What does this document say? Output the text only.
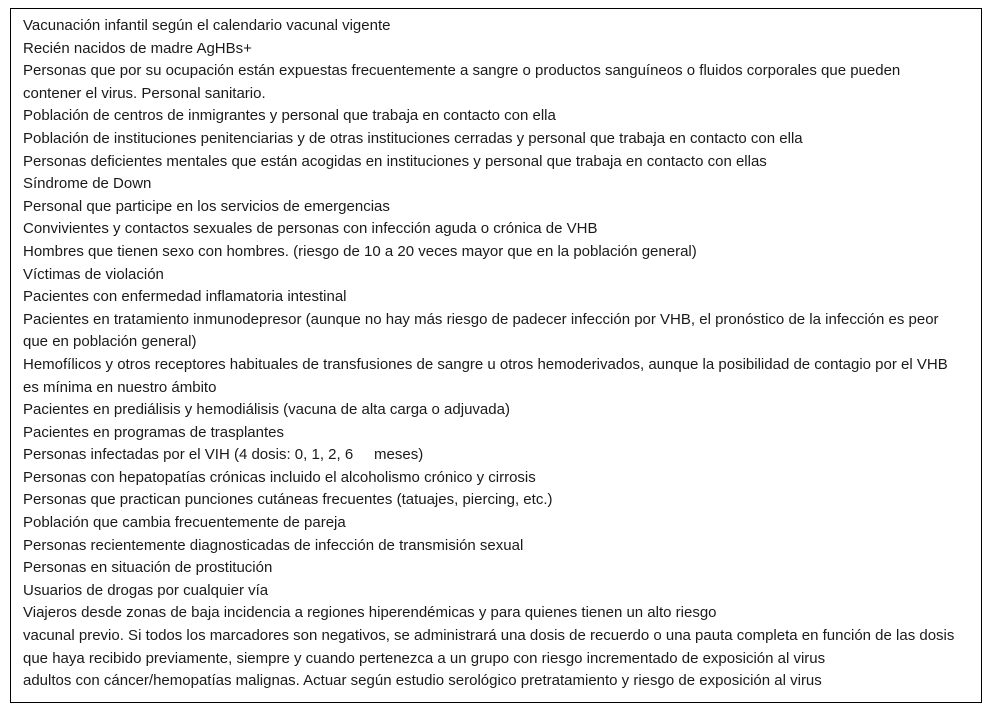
Vacunación infantil según el calendario vacunal vigente
Recién nacidos de madre AgHBs+
Personas que por su ocupación están expuestas frecuentemente a sangre o productos sanguíneos o fluidos corporales que pueden contener el virus. Personal sanitario.
Población de centros de inmigrantes y personal que trabaja en contacto con ella
Población de instituciones penitenciarias y de otras instituciones cerradas y personal que trabaja en contacto con ella
Personas deficientes mentales que están acogidas en instituciones y personal que trabaja en contacto con ellas
Síndrome de Down
Personal que participe en los servicios de emergencias
Convivientes y contactos sexuales de personas con infección aguda o crónica de VHB
Hombres que tienen sexo con hombres. (riesgo de 10 a 20 veces mayor que en la población general)
Víctimas de violación
Pacientes con enfermedad inflamatoria intestinal
Pacientes en tratamiento inmunodepresor (aunque no hay más riesgo de padecer infección por VHB, el pronóstico de la infección es peor que en población general)
Hemofílicos y otros receptores habituales de transfusiones de sangre u otros hemoderivados, aunque la posibilidad de contagio por el VHB es mínima en nuestro ámbito
Pacientes en prediálisis y hemodiálisis (vacuna de alta carga o adjuvada)
Pacientes en programas de trasplantes
Personas infectadas por el VIH (4 dosis: 0, 1, 2, 6     meses)
Personas con hepatopatías crónicas incluido el alcoholismo crónico y cirrosis
Personas que practican punciones cutáneas frecuentes (tatuajes, piercing, etc.)
Población que cambia frecuentemente de pareja
Personas recientemente diagnosticadas de infección de transmisión sexual
Personas en situación de prostitución
Usuarios de drogas por cualquier vía
Viajeros desde zonas de baja incidencia a regiones hiperendémicas y para quienes tienen un alto riesgo
vacunal previo. Si todos los marcadores son negativos, se administrará una dosis de recuerdo o una pauta completa en función de las dosis que haya recibido previamente, siempre y cuando pertenezca a un grupo con riesgo incrementado de exposición al virus
adultos con cáncer/hemopatías malignas. Actuar según estudio serológico pretratamiento y riesgo de exposición al virus
